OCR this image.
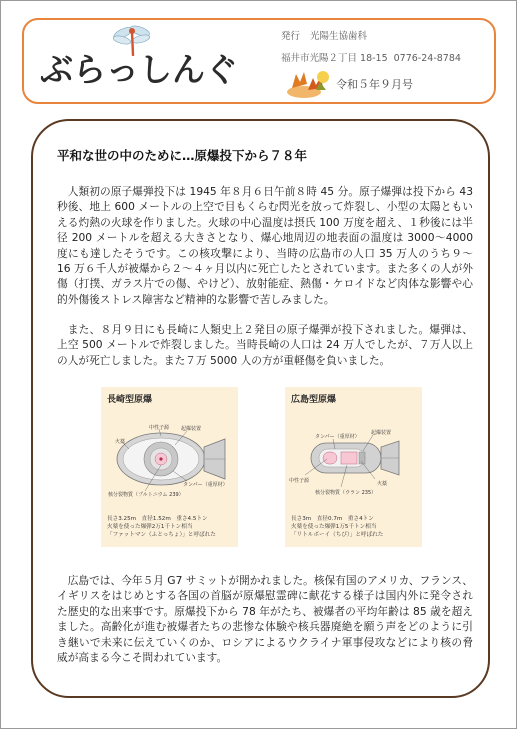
ぶらっしんぐ
発行 光陽生協歯科
福井市光陽２丁目 18-15 0776-24-8784
令和５年９月号
平和な世の中のために…原爆投下から７８年

人類初の原子爆弾投下は 1945 年８月６日午前８時 45 分。原子爆弾は投下から 43 秒後、地上 600 メートルの上空で目もくらむ閃光を放って炸裂し、小型の太陽ともいえる灼熱の火球を作りました。火球の中心温度は摂氏 100 万度を超え、１秒後には半径 200 メートルを超える大きさとなり、爆心地周辺の地表面の温度は 3000〜4000 度にも達したそうです。この核攻撃により、当時の広島市の人口 35 万人のうち９〜16 万６千人が被爆から２〜４ヶ月以内に死亡したとされています。また多くの人が外傷（打撲、ガラス片での傷、やけど）、放射能症、熱傷・ケロイドなど肉体な影響や心的外傷後ストレス障害など精神的な影響で苦しみました。

また、８月９日にも長崎に人類史上２発目の原子爆弾が投下されました。爆弾は、上空 500 メートルで炸裂しました。当時長崎の人口は 24 万人でしたが、７万人以上の人が死亡しました。また７万 5000 人の方が重軽傷を負いました。

広島では、今年５月 G7 サミットが開かれました。核保有国のアメリカ、フランス、イギリスをはじめとする各国の首脳が原爆慰霊碑に献花する様子は国内外に発令された歴史的な出来事です。原爆投下から 78 年がたち、被爆者の平均年齢は 85 歳を超えました。高齢化が進む被爆者たちの悲惨な体験や核兵器廃絶を願う声をどのように引き継いで未来に伝えていくのか、ロシアによるウクライナ軍事侵攻などにより核の脅威が高まる今こそ問われています。

長崎型原爆
中性子源 起爆装置
火薬
タンパー（重厚材）
核分裂物質（プルトニウム 239）
長さ3.25m　直径1.52m　重さ4.5トン
火薬を使った爆弾2万1千トン相当
「ファットマン（ふとっちょ）」と呼ばれた
広島型原爆
タンパー（重厚材）
起爆装置
中性子源	火薬
核分裂物質（ウラン 235）
長さ3m　直径0.7m　重さ4トン
火薬を使った爆弾1万5千トン相当
「リトルボーイ（ちび）」と呼ばれた
